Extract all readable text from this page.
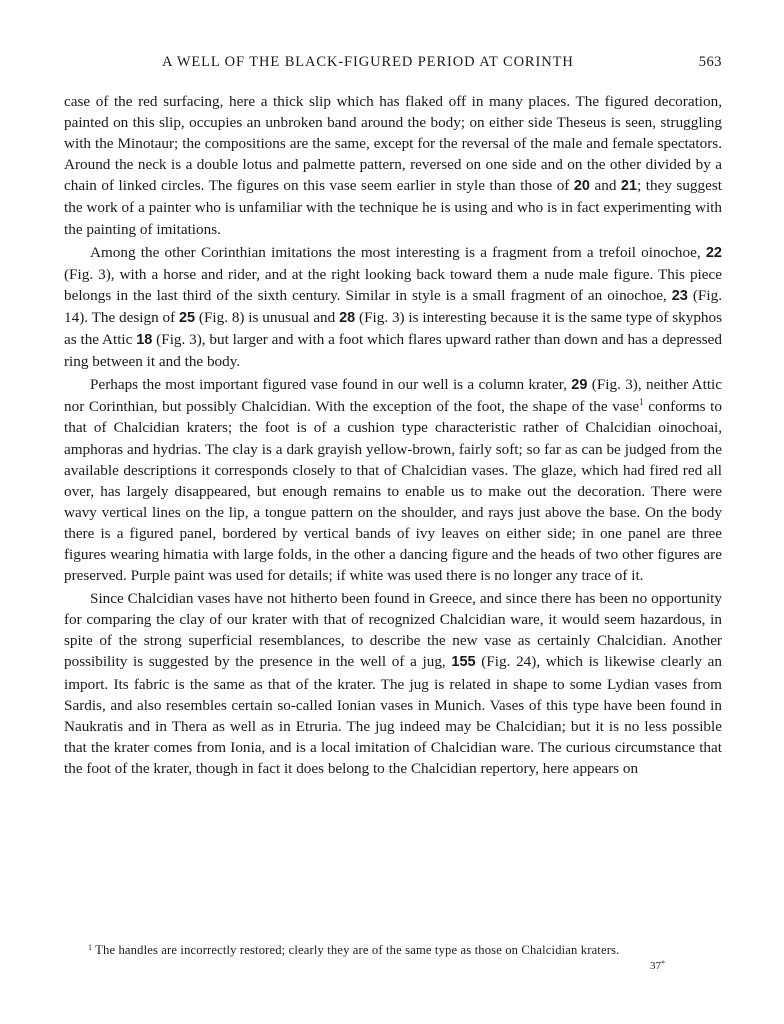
A WELL OF THE BLACK-FIGURED PERIOD AT CORINTH	563

case of the red surfacing, here a thick slip which has flaked off in many places. The figured decoration, painted on this slip, occupies an unbroken band around the body; on either side Theseus is seen, struggling with the Minotaur; the compositions are the same, except for the reversal of the male and female spectators. Around the neck is a double lotus and palmette pattern, reversed on one side and on the other divided by a chain of linked circles. The figures on this vase seem earlier in style than those of 20 and 21; they suggest the work of a painter who is unfamiliar with the technique he is using and who is in fact experimenting with the painting of imitations.

Among the other Corinthian imitations the most interesting is a fragment from a trefoil oinochoe, 22 (Fig. 3), with a horse and rider, and at the right looking back toward them a nude male figure. This piece belongs in the last third of the sixth century. Similar in style is a small fragment of an oinochoe, 23 (Fig. 14). The design of 25 (Fig. 8) is unusual and 28 (Fig. 3) is interesting because it is the same type of skyphos as the Attic 18 (Fig. 3), but larger and with a foot which flares upward rather than down and has a depressed ring between it and the body.

Perhaps the most important figured vase found in our well is a column krater, 29 (Fig. 3), neither Attic nor Corinthian, but possibly Chalcidian. With the exception of the foot, the shape of the vase$^1$ conforms to that of Chalcidian kraters; the foot is of a cushion type characteristic rather of Chalcidian oinochoai, amphoras and hydrias. The clay is a dark grayish yellow-brown, fairly soft; so far as can be judged from the available descriptions it corresponds closely to that of Chalcidian vases. The glaze, which had fired red all over, has largely disappeared, but enough remains to enable us to make out the decoration. There were wavy vertical lines on the lip, a tongue pattern on the shoulder, and rays just above the base. On the body there is a figured panel, bordered by vertical bands of ivy leaves on either side; in one panel are three figures wearing himatia with large folds, in the other a dancing figure and the heads of two other figures are preserved. Purple paint was used for details; if white was used there is no longer any trace of it.

Since Chalcidian vases have not hitherto been found in Greece, and since there has been no opportunity for comparing the clay of our krater with that of recognized Chalcidian ware, it would seem hazardous, in spite of the strong superficial resemblances, to describe the new vase as certainly Chalcidian. Another possibility is suggested by the presence in the well of a jug, 155 (Fig. 24), which is likewise clearly an import. Its fabric is the same as that of the krater. The jug is related in shape to some Lydian vases from Sardis, and also resembles certain so-called Ionian vases in Munich. Vases of this type have been found in Naukratis and in Thera as well as in Etruria. The jug indeed may be Chalcidian; but it is no less possible that the krater comes from Ionia, and is a local imitation of Chalcidian ware. The curious circumstance that the foot of the krater, though in fact it does belong to the Chalcidian repertory, here appears on

$^1$ The handles are incorrectly restored; clearly they are of the same type as those on Chalcidian kraters.
37*
